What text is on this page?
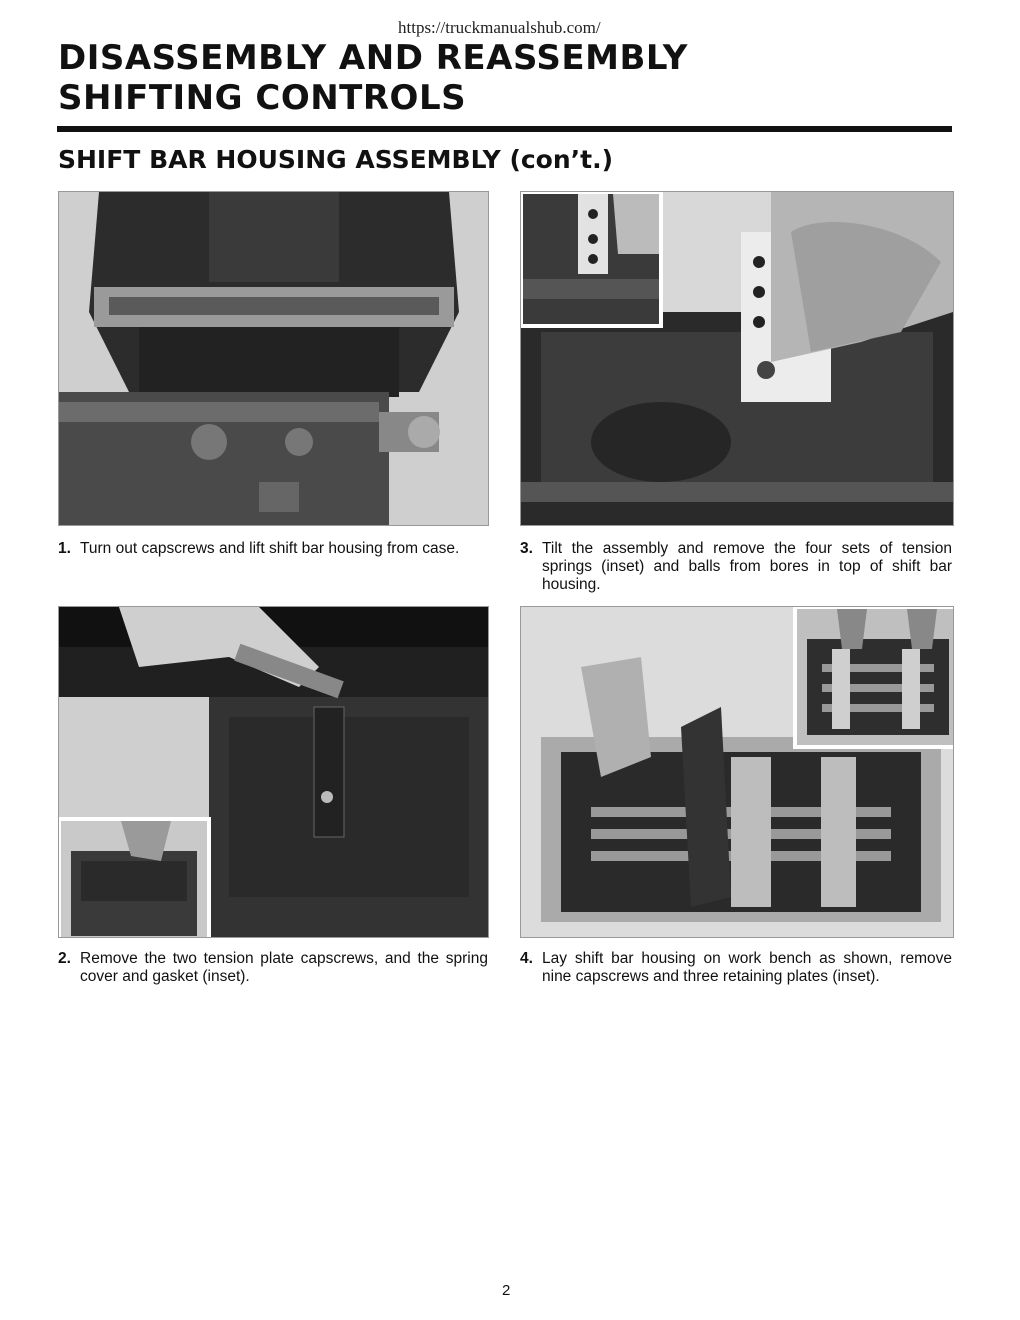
https://truckmanualshub.com/
DISASSEMBLY AND REASSEMBLY
SHIFTING CONTROLS
SHIFT BAR HOUSING ASSEMBLY (con’t.)
1. Turn out capscrews and lift shift bar housing from case.	3. Tilt the assembly and remove the four sets of tension springs (inset) and balls from bores in top of shift bar housing.
2. Remove the two tension plate capscrews, and the spring cover and gasket (inset).
4. Lay shift bar housing on work bench as shown, remove nine capscrews and three retaining plates (inset).
2
